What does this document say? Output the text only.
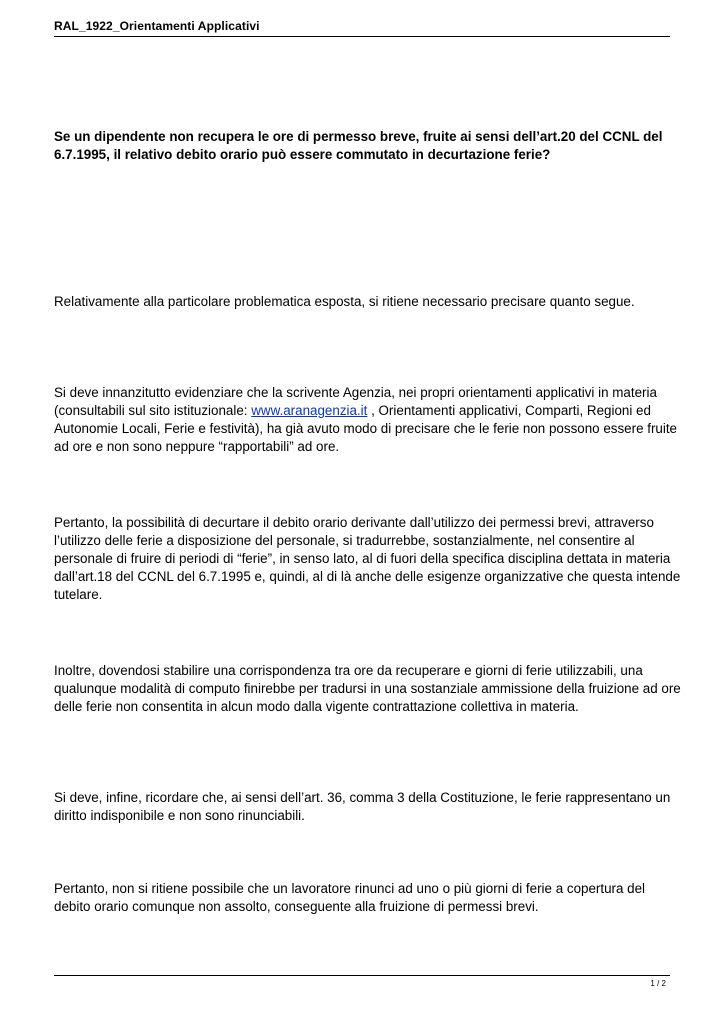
RAL_1922_Orientamenti Applicativi
Se un dipendente non recupera le ore di permesso breve, fruite ai sensi dell’art.20 del CCNL del 6.7.1995, il relativo debito orario può essere commutato in decurtazione ferie?
Relativamente alla particolare problematica esposta, si ritiene necessario precisare quanto segue.
Si deve innanzitutto evidenziare che la scrivente Agenzia, nei propri orientamenti applicativi in materia (consultabili sul sito istituzionale: www.aranagenzia.it , Orientamenti applicativi, Comparti, Regioni ed Autonomie Locali, Ferie e festività), ha già avuto modo di precisare che le ferie non possono essere fruite ad ore e non sono neppure “rapportabili” ad ore.
Pertanto, la possibilità di decurtare il debito orario derivante dall’utilizzo dei permessi brevi, attraverso l’utilizzo delle ferie a disposizione del personale, si tradurrebbe, sostanzialmente, nel consentire al personale di fruire di periodi di “ferie”, in senso lato, al di fuori della specifica disciplina dettata in materia dall’art.18 del CCNL del 6.7.1995 e, quindi, al di là anche delle esigenze organizzative che questa intende tutelare.
Inoltre, dovendosi stabilire una corrispondenza tra ore da recuperare e giorni di ferie utilizzabili, una qualunque modalità di computo finirebbe per tradursi in una sostanziale ammissione della fruizione ad ore delle ferie non consentita in alcun modo dalla vigente contrattazione collettiva in materia.
Si deve, infine, ricordare che, ai sensi dell’art. 36, comma 3 della Costituzione, le ferie rappresentano un diritto indisponibile e non sono rinunciabili.
Pertanto, non si ritiene possibile che un lavoratore rinunci ad uno o più giorni di ferie a copertura del debito orario comunque non assolto, conseguente alla fruizione di permessi brevi.
1 / 2
